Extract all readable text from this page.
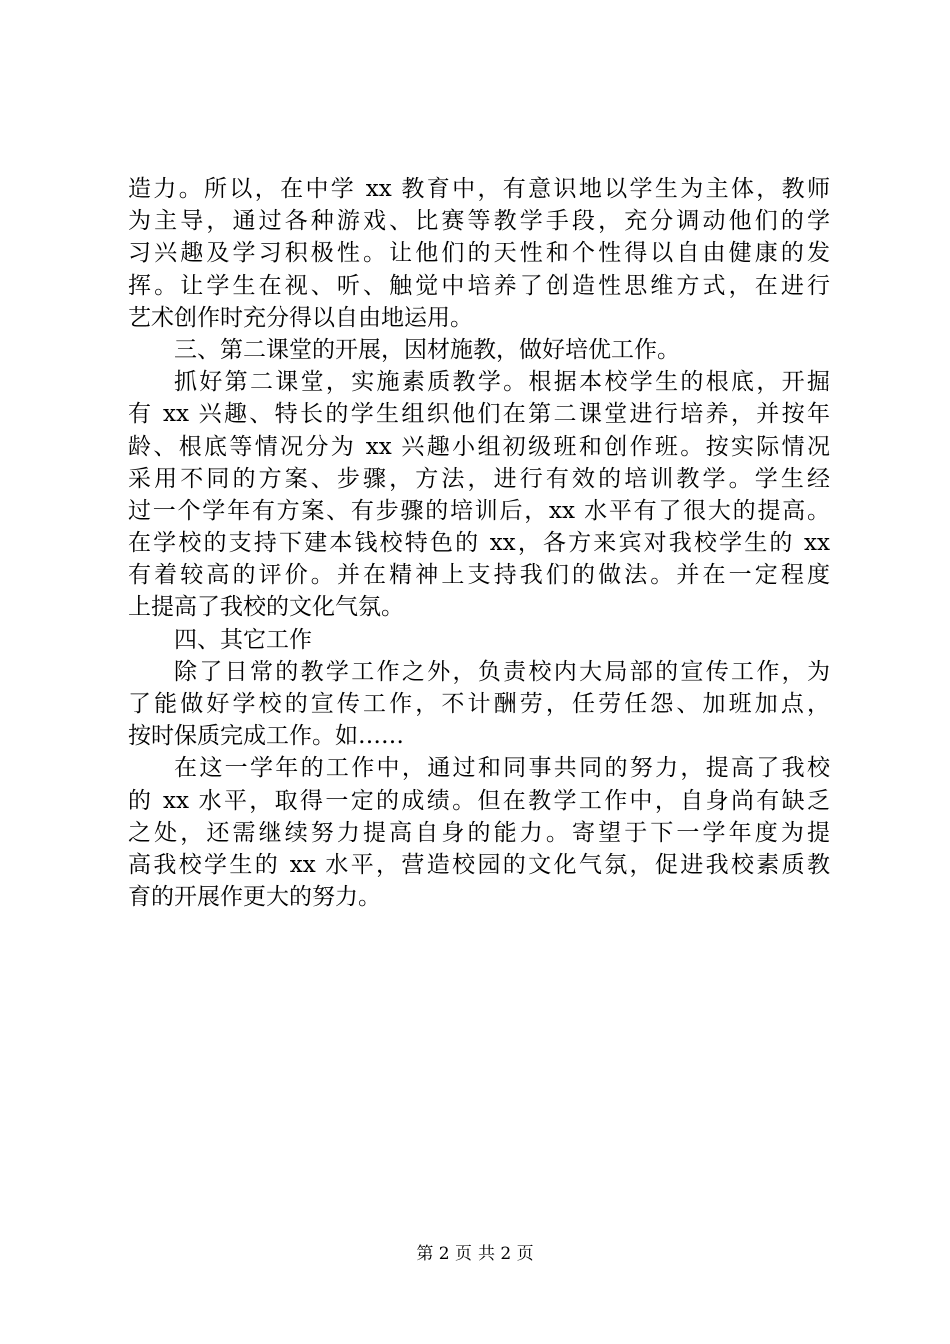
造力。所以，在中学 xx 教育中，有意识地以学生为主体，教师
为主导，通过各种游戏、比赛等教学手段，充分调动他们的学
习兴趣及学习积极性。让他们的天性和个性得以自由健康的发
挥。让学生在视、听、触觉中培养了创造性思维方式，在进行
艺术创作时充分得以自由地运用。
三、第二课堂的开展，因材施教，做好培优工作。
抓好第二课堂，实施素质教学。根据本校学生的根底，开掘
有 xx 兴趣、特长的学生组织他们在第二课堂进行培养，并按年
龄、根底等情况分为 xx 兴趣小组初级班和创作班。按实际情况
采用不同的方案、步骤，方法，进行有效的培训教学。学生经
过一个学年有方案、有步骤的培训后，xx 水平有了很大的提高。
在学校的支持下建本钱校特色的 xx，各方来宾对我校学生的 xx
有着较高的评价。并在精神上支持我们的做法。并在一定程度
上提高了我校的文化气氛。
四、其它工作
除了日常的教学工作之外，负责校内大局部的宣传工作，为
了能做好学校的宣传工作，不计酬劳，任劳任怨、加班加点，
按时保质完成工作。如……
在这一学年的工作中，通过和同事共同的努力，提高了我校
的 xx 水平，取得一定的成绩。但在教学工作中，自身尚有缺乏
之处，还需继续努力提高自身的能力。寄望于下一学年度为提
高我校学生的 xx 水平，营造校园的文化气氛，促进我校素质教
育的开展作更大的努力。
第 2 页 共 2 页
